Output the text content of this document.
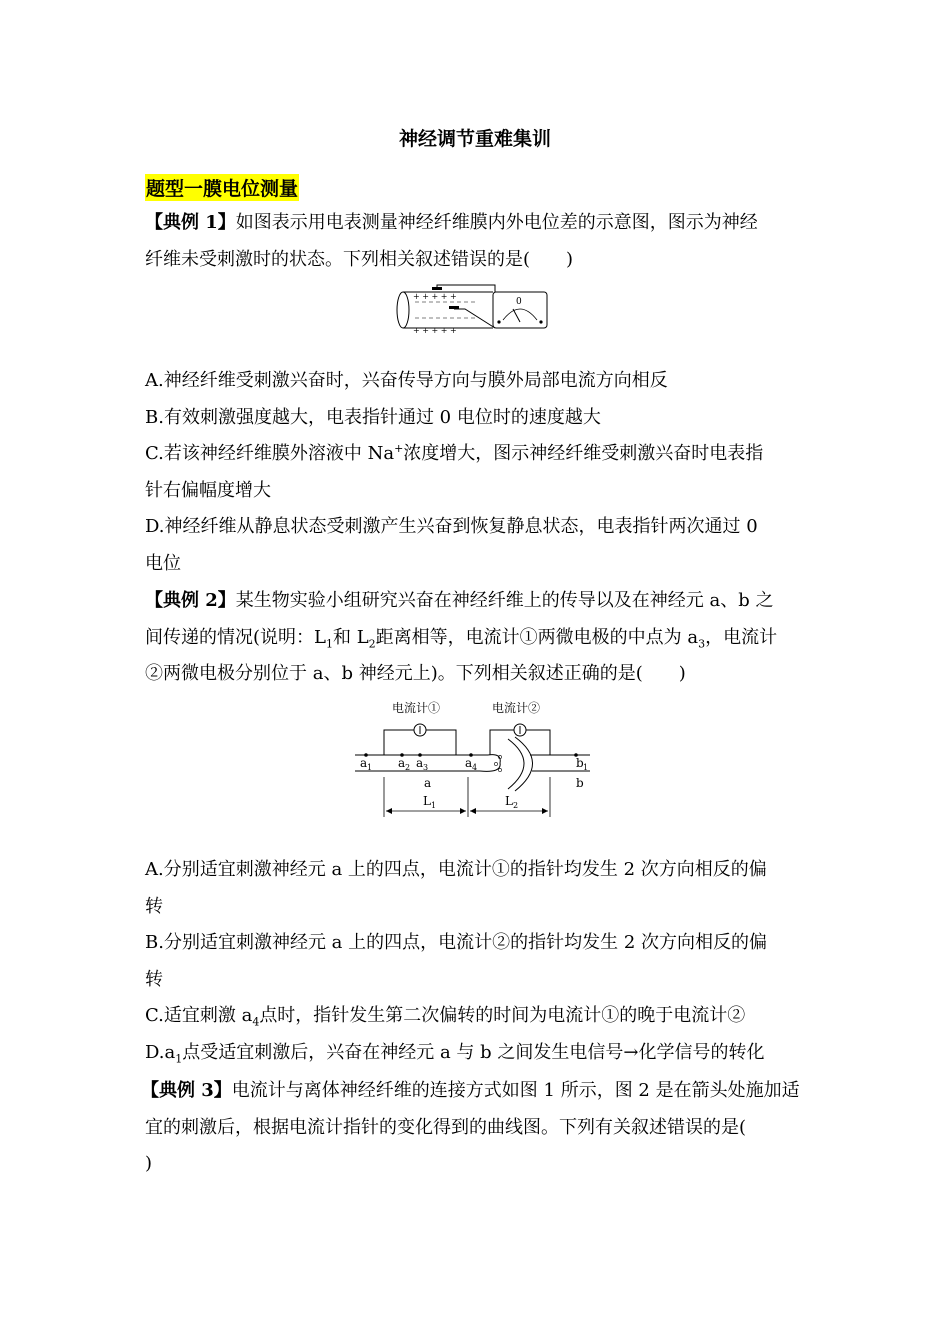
神经调节重难集训
题型一膜电位测量
【典例 1】如图表示用电表测量神经纤维膜内外电位差的示意图，图示为神经
纤维未受刺激时的状态。下列相关叙述错误的是(　　)
+ + + + +
+ + + + +
0
A.神经纤维受刺激兴奋时，兴奋传导方向与膜外局部电流方向相反
B.有效刺激强度越大，电表指针通过 0 电位时的速度越大
C.若该神经纤维膜外溶液中 Na+浓度增大，图示神经纤维受刺激兴奋时电表指
针右偏幅度增大
D.神经纤维从静息状态受刺激产生兴奋到恢复静息状态，电表指针两次通过 0
电位
【典例 2】某生物实验小组研究兴奋在神经纤维上的传导以及在神经元 a、b 之
间传递的情况(说明：$L_1$和 $L_2$距离相等，电流计①两微电极的中点为 $a_3$，电流计
②两微电极分别位于 a、b 神经元上)。下列相关叙述正确的是(　　)
电流计①	电流计②
a 1 a 2 a 3	a 4	b 1
a	b
L 1	L 2
A.分别适宜刺激神经元 a 上的四点，电流计①的指针均发生 2 次方向相反的偏
转
B.分别适宜刺激神经元 a 上的四点，电流计②的指针均发生 2 次方向相反的偏
转
C.适宜刺激 $a_4$点时，指针发生第二次偏转的时间为电流计①的晚于电流计②
$D.a_1$点受适宜刺激后，兴奋在神经元 a 与 b 之间发生电信号→化学信号的转化
【典例 3】电流计与离体神经纤维的连接方式如图 1 所示，图 2 是在箭头处施加适
宜的刺激后，根据电流计指针的变化得到的曲线图。下列有关叙述错误的是(
)
